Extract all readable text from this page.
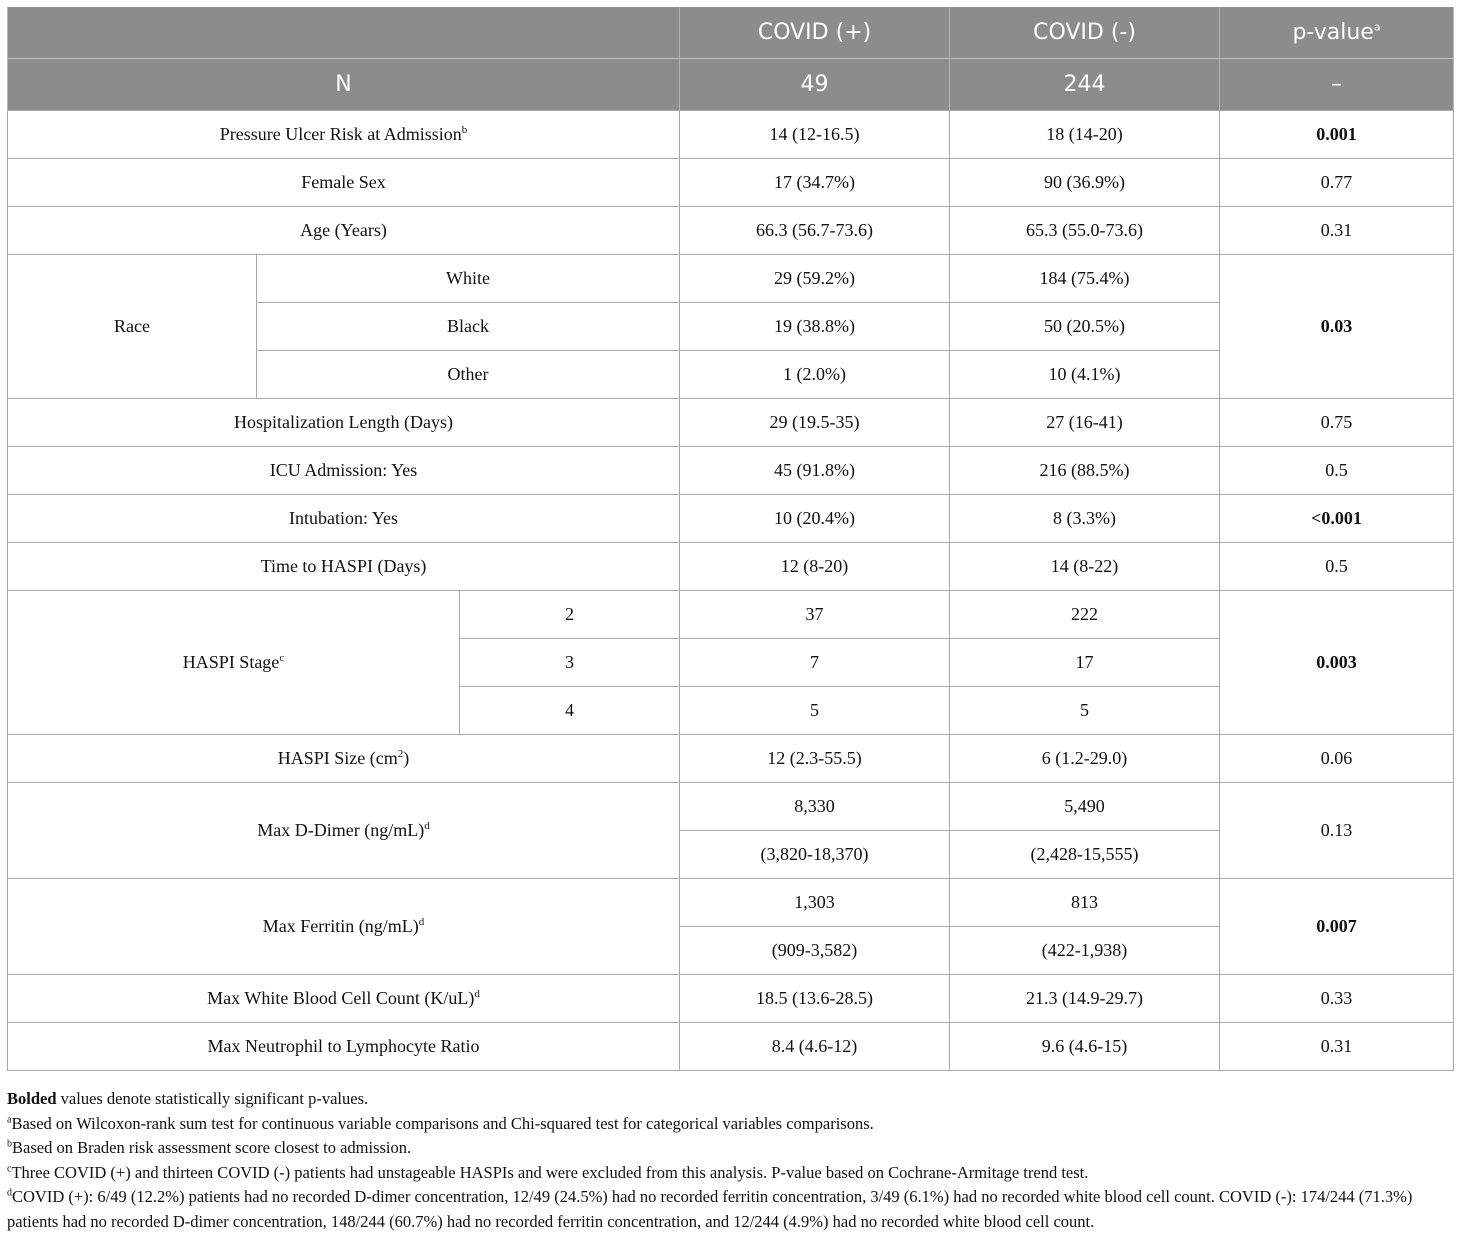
			COVID (+)	COVID (-)	p-value$^a$
N			49	244	–
Pressure Ulcer Risk at Admission$^b$			14 (12-16.5)	18 (14-20)	0.001
Female Sex			17 (34.7%)	90 (36.9%)	0.77
Age (Years)			66.3 (56.7-73.6)	65.3 (55.0-73.6)	0.31
Race	White		29 (59.2%)	184 (75.4%)	0.03
	Black		19 (38.8%)	50 (20.5%)	
	Other		1 (2.0%)	10 (4.1%)	
Hospitalization Length (Days)			29 (19.5-35)	27 (16-41)	0.75
ICU Admission: Yes			45 (91.8%)	216 (88.5%)	0.5
Intubation: Yes			10 (20.4%)	8 (3.3%)	<0.001
Time to HASPI (Days)			12 (8-20)	14 (8-22)	0.5
HASPI Stage$^c$		2	37	222	0.003
		3	7	17	
		4	5	5	
HASPI Size $(cm^2)$			12 (2.3-55.5)	6 (1.2-29.0)	0.06
Max D-Dimer $(ng/mL)^d$			8,330	5,490	0.13
			(3,820-18,370)	(2,428-15,555)	
Max Ferritin $(ng/mL)^d$			1,303	813	0.007
			(909-3,582)	(422-1,938)	
Max White Blood Cell Count $(K/uL)^d$			18.5 (13.6-28.5)	21.3 (14.9-29.7)	0.33
Max Neutrophil to Lymphocyte Ratio			8.4 (4.6-12)	9.6 (4.6-15)	0.31

Bolded values denote statistically significant p-values.

$^a$Based on Wilcoxon-rank sum test for continuous variable comparisons and Chi-squared test for categorical variables comparisons.

$^b$Based on Braden risk assessment score closest to admission.

$^c$Three COVID (+) and thirteen COVID (-) patients had unstageable HASPIs and were excluded from this analysis. P-value based on Cochrane-Armitage trend test.

$^d$COVID (+): 6/49 (12.2%) patients had no recorded D-dimer concentration, 12/49 (24.5%) had no recorded ferritin concentration, 3/49 (6.1%) had no recorded white blood cell count. COVID (-): 174/244 (71.3%) patients had no recorded D-dimer concentration, 148/244 (60.7%) had no recorded ferritin concentration, and 12/244 (4.9%) had no recorded white blood cell count.
